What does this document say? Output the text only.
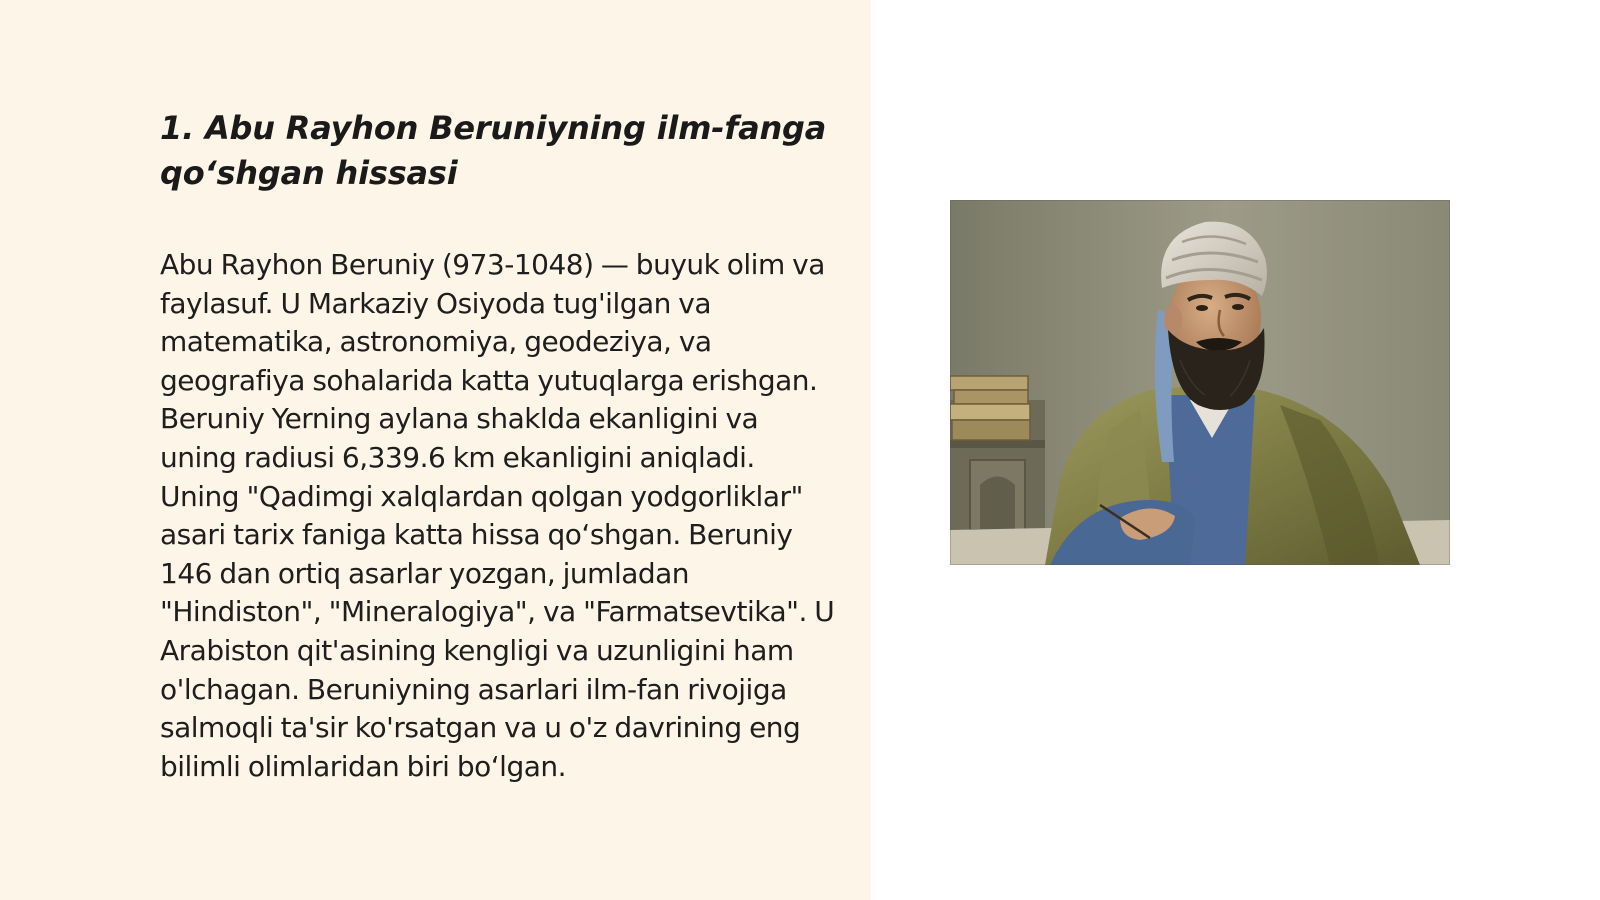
1. Abu Rayhon Beruniyning ilm-fanga qo‘shgan hissasi

Abu Rayhon Beruniy (973-1048) — buyuk olim va faylasuf. U Markaziy Osiyoda tug'ilgan va matematika, astronomiya, geodeziya, va geografiya sohalarida katta yutuqlarga erishgan. Beruniy Yerning aylana shaklda ekanligini va uning radiusi 6,339.6 km ekanligini aniqladi. Uning "Qadimgi xalqlardan qolgan yodgorliklar" asari tarix faniga katta hissa qo‘shgan. Beruniy 146 dan ortiq asarlar yozgan, jumladan "Hindiston", "Mineralogiya", va "Farmatsevtika". U Arabiston qit'asining kengligi va uzunligini ham o'lchagan. Beruniyning asarlari ilm-fan rivojiga salmoqli ta'sir ko'rsatgan va u o'z davrining eng bilimli olimlaridan biri bo‘lgan.
